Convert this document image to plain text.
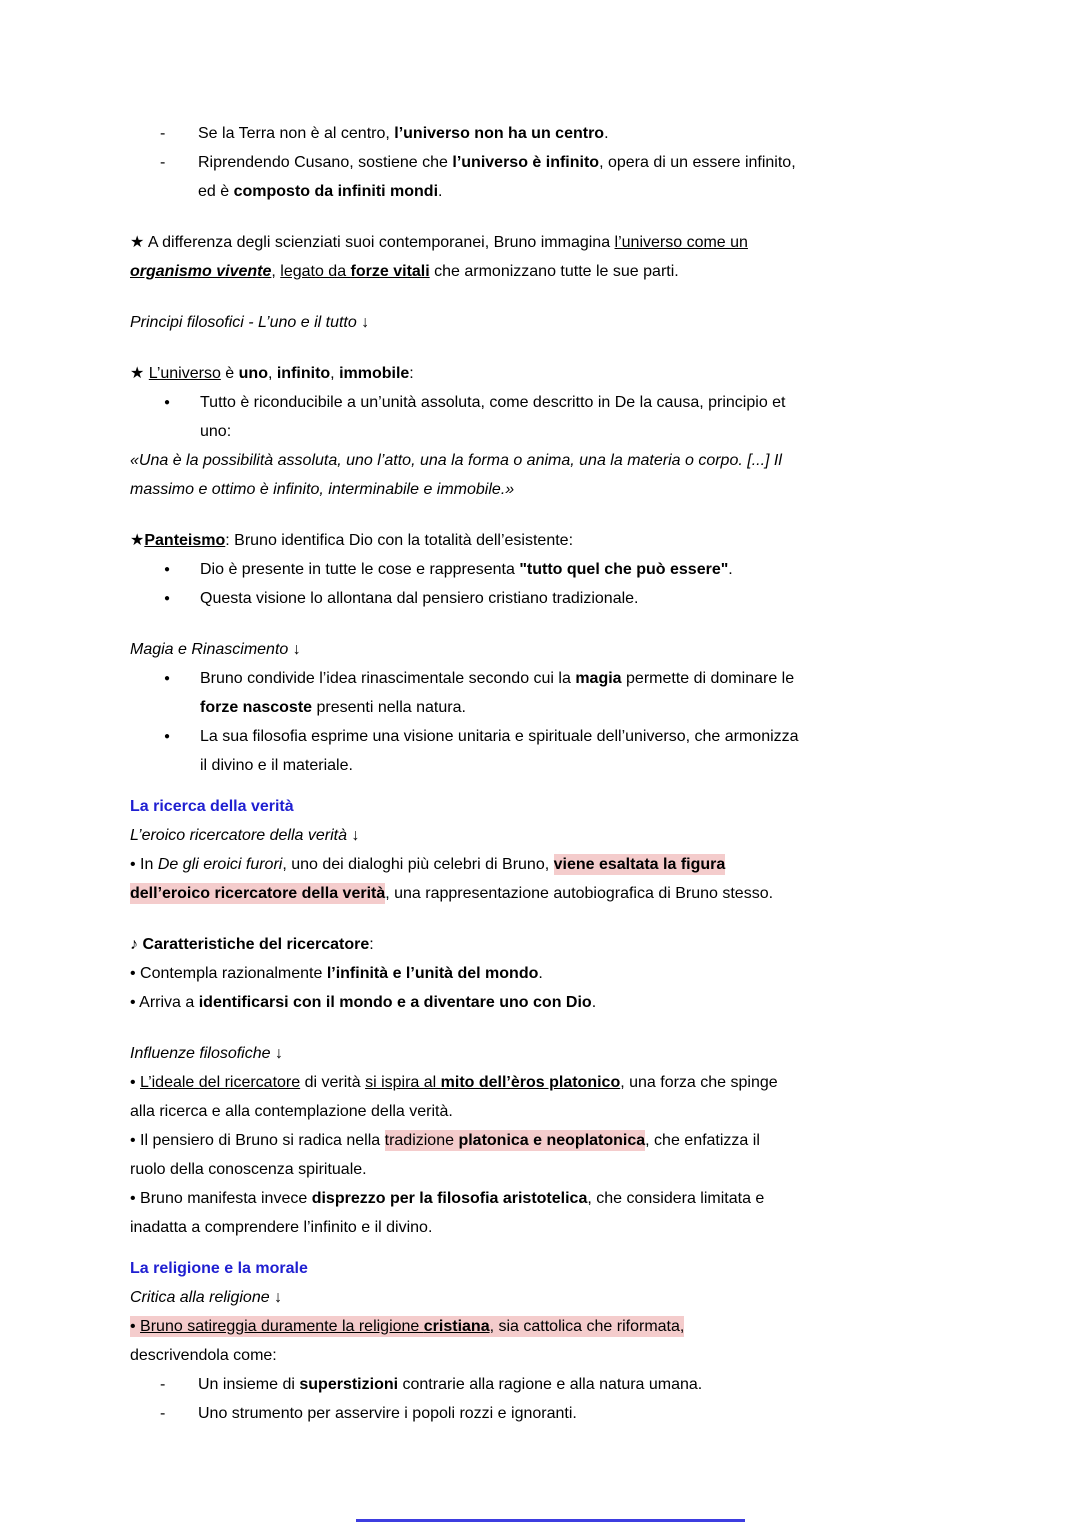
-	Se la Terra non è al centro, l’universo non ha un centro.
-	Riprendendo Cusano, sostiene che l’universo è infinito, opera di un essere infinito,
ed è composto da infiniti mondi.
★ A differenza degli scienziati suoi contemporanei, Bruno immagina l’universo come un
organismo vivente, legato da forze vitali che armonizzano tutte le sue parti.
Principi filosofici - L’uno e il tutto ↓
★ L’universo è uno, infinito, immobile:
●	Tutto è riconducibile a un’unità assoluta, come descritto in De la causa, principio et
uno:
«Una è la possibilità assoluta, uno l’atto, una la forma o anima, una la materia o corpo. [...] Il
massimo e ottimo è infinito, interminabile e immobile.»
★Panteismo: Bruno identifica Dio con la totalità dell’esistente:
●	Dio è presente in tutte le cose e rappresenta "tutto quel che può essere".
●	Questa visione lo allontana dal pensiero cristiano tradizionale.
Magia e Rinascimento ↓
●	Bruno condivide l’idea rinascimentale secondo cui la magia permette di dominare le
forze nascoste presenti nella natura.
●	La sua filosofia esprime una visione unitaria e spirituale dell’universo, che armonizza
il divino e il materiale.
La ricerca della verità
L’eroico ricercatore della verità ↓
• In De gli eroici furori, uno dei dialoghi più celebri di Bruno, viene esaltata la figura
dell’eroico ricercatore della verità, una rappresentazione autobiografica di Bruno stesso.
♪ Caratteristiche del ricercatore:
• Contempla razionalmente l’infinità e l’unità del mondo.
• Arriva a identificarsi con il mondo e a diventare uno con Dio.
Influenze filosofiche ↓
• L’ideale del ricercatore di verità si ispira al mito dell’èros platonico, una forza che spinge
alla ricerca e alla contemplazione della verità.
• Il pensiero di Bruno si radica nella tradizione platonica e neoplatonica, che enfatizza il
ruolo della conoscenza spirituale.
• Bruno manifesta invece disprezzo per la filosofia aristotelica, che considera limitata e
inadatta a comprendere l’infinito e il divino.
La religione e la morale
Critica alla religione ↓
• Bruno satireggia duramente la religione cristiana, sia cattolica che riformata,
descrivendola come:
-	Un insieme di superstizioni contrarie alla ragione e alla natura umana.
-	Uno strumento per asservire i popoli rozzi e ignoranti.
